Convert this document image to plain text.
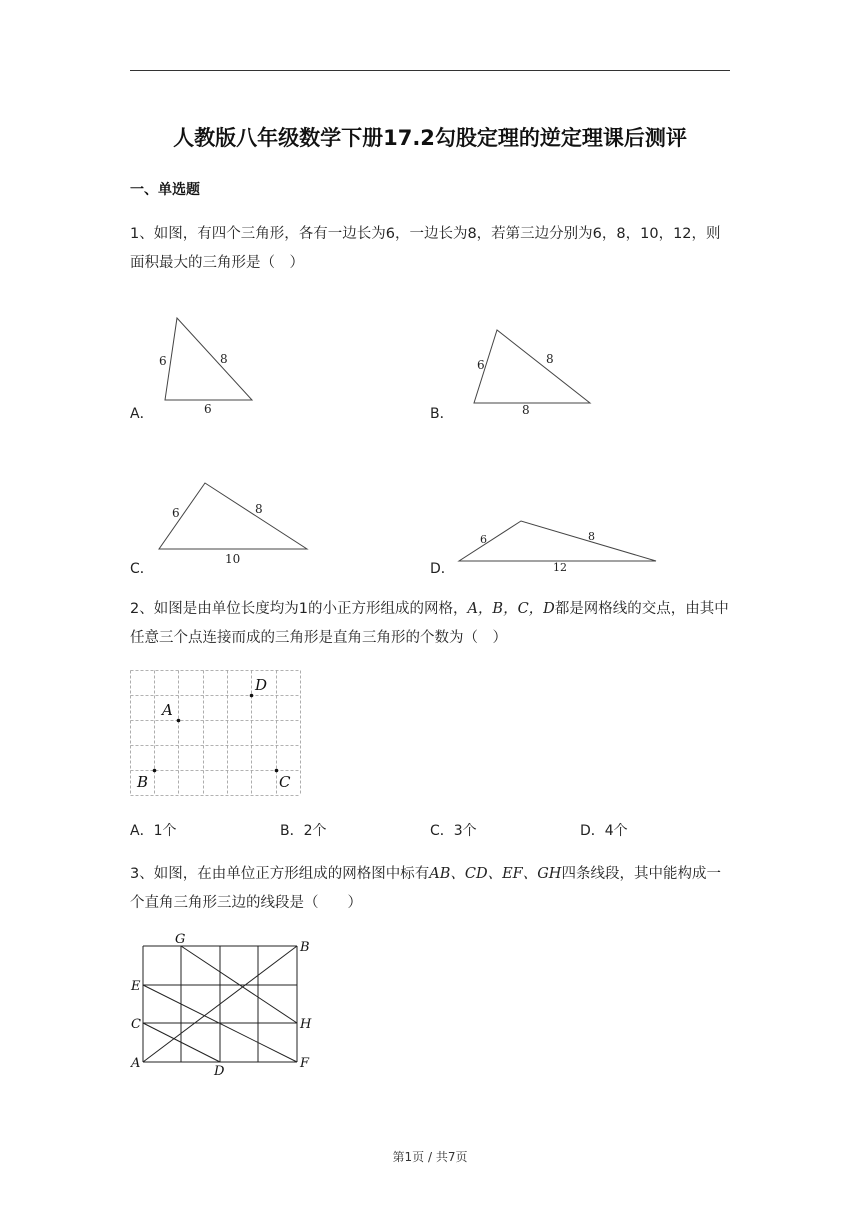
人教版八年级数学下册17.2勾股定理的逆定理课后测评
一、单选题
1、如图，有四个三角形，各有一边长为6，一边长为8，若第三边分别为6，8，10，12，则面积最大的三角形是（　）
6	8
6
A．
6	8
8
B．
6	8
10
C．
6	8
12
D．
2、如图是由单位长度均为1的小正方形组成的网格，A，B，C，D都是网格线的交点，由其中任意三个点连接而成的三角形是直角三角形的个数为（　）
A
B	C
D
A．1个	B．2个	C．3个	D．4个
3、如图，在由单位正方形组成的网格图中标有AB、CD、EF、GH四条线段，其中能构成一个直角三角形三边的线段是（　　）
G
B
E
C	H
A
D
F
第1页 / 共7页
